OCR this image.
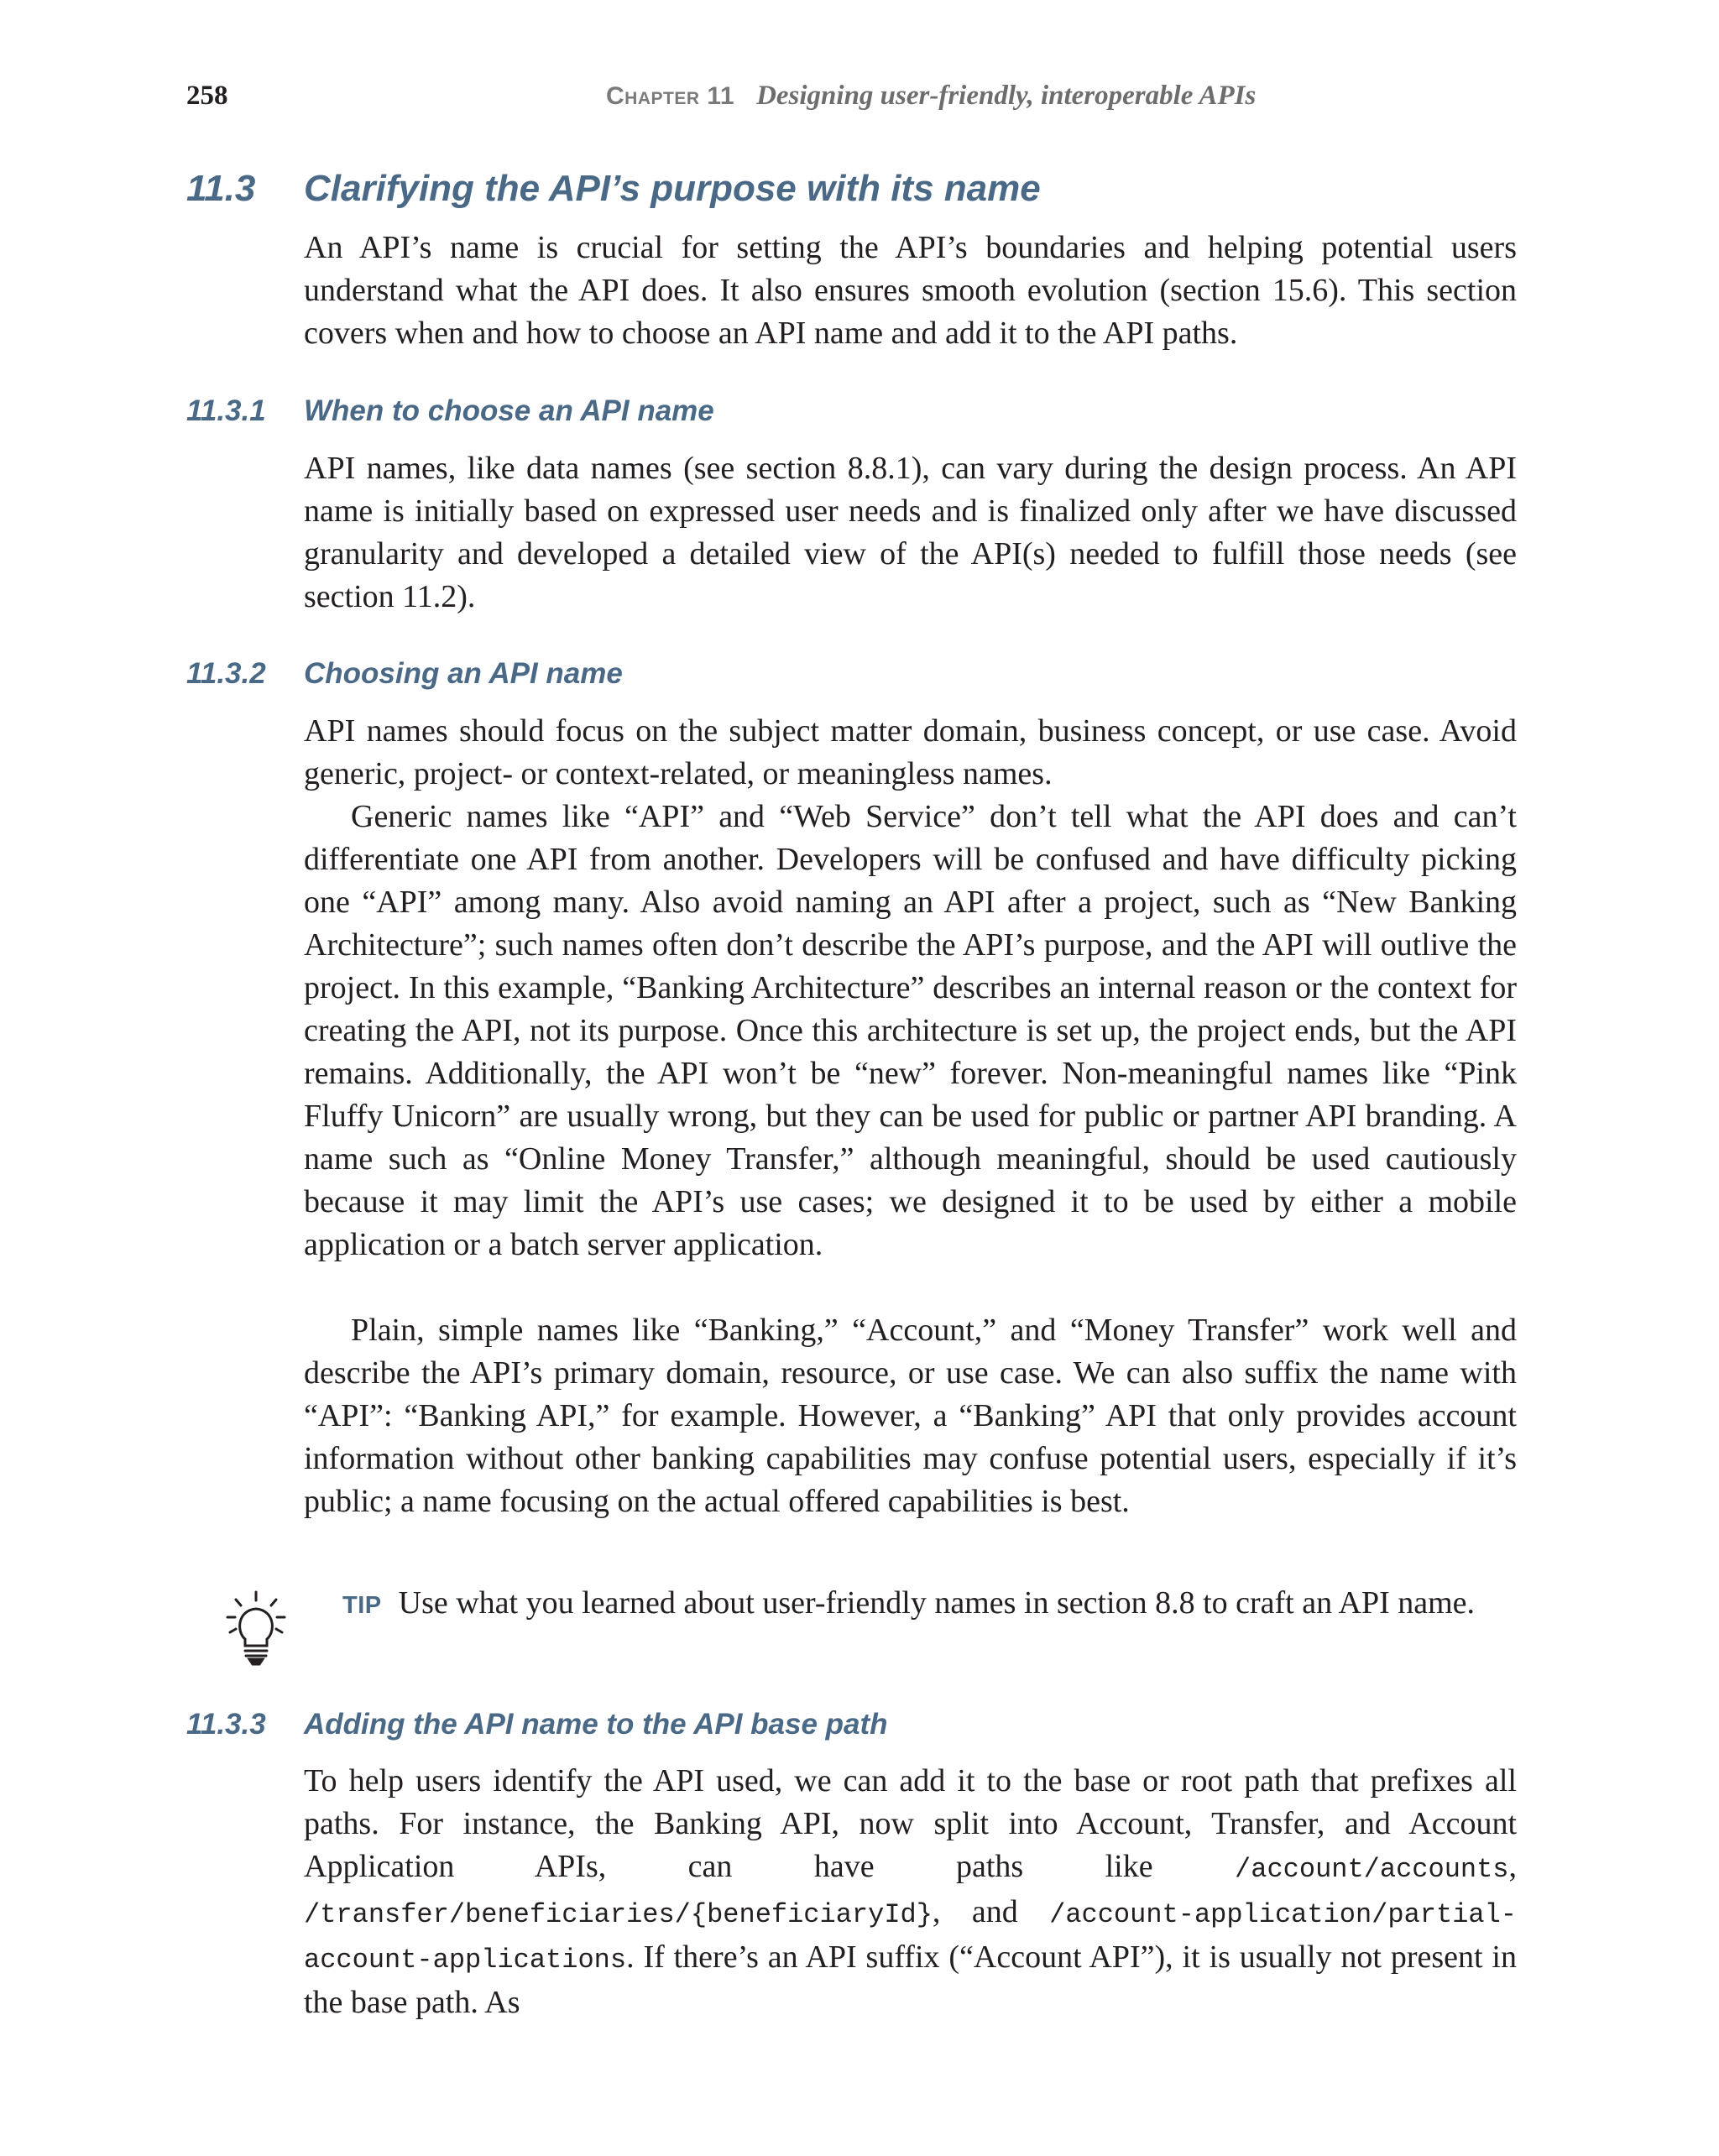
258	Chapter 11 Designing user-friendly, interoperable APIs
11.3 Clarifying the API’s purpose with its name
An API’s name is crucial for setting the API’s boundaries and helping potential users understand what the API does. It also ensures smooth evolution (section 15.6). This section covers when and how to choose an API name and add it to the API paths.
11.3.1 When to choose an API name
API names, like data names (see section 8.8.1), can vary during the design process. An API name is initially based on expressed user needs and is finalized only after we have discussed granularity and developed a detailed view of the API(s) needed to fulfill those needs (see section 11.2).
11.3.2 Choosing an API name
API names should focus on the subject matter domain, business concept, or use case. Avoid generic, project- or context-related, or meaningless names.
Generic names like “API” and “Web Service” don’t tell what the API does and can’t differentiate one API from another. Developers will be confused and have difficulty picking one “API” among many. Also avoid naming an API after a project, such as “New Banking Architecture”; such names often don’t describe the API’s purpose, and the API will outlive the project. In this example, “Banking Architecture” describes an internal reason or the context for creating the API, not its purpose. Once this architecture is set up, the project ends, but the API remains. Additionally, the API won’t be “new” forever. Non-meaningful names like “Pink Fluffy Unicorn” are usually wrong, but they can be used for public or partner API branding. A name such as “Online Money Transfer,” although meaningful, should be used cautiously because it may limit the API’s use cases; we designed it to be used by either a mobile application or a batch server application.
Plain, simple names like “Banking,” “Account,” and “Money Transfer” work well and describe the API’s primary domain, resource, or use case. We can also suffix the name with “API”: “Banking API,” for example. However, a “Banking” API that only provides account information without other banking capabilities may confuse potential users, especially if it’s public; a name focusing on the actual offered capabilities is best.
TIP Use what you learned about user-friendly names in section 8.8 to craft an API name.
11.3.3 Adding the API name to the API base path
To help users identify the API used, we can add it to the base or root path that prefixes all paths. For instance, the Banking API, now split into Account, Transfer, and Account Application APIs, can have paths like /account/accounts, /transfer/beneficiaries/{beneficiaryId}, and /account-application/partial-account-applications. If there’s an API suffix (“Account API”), it is usually not present in the base path. As
